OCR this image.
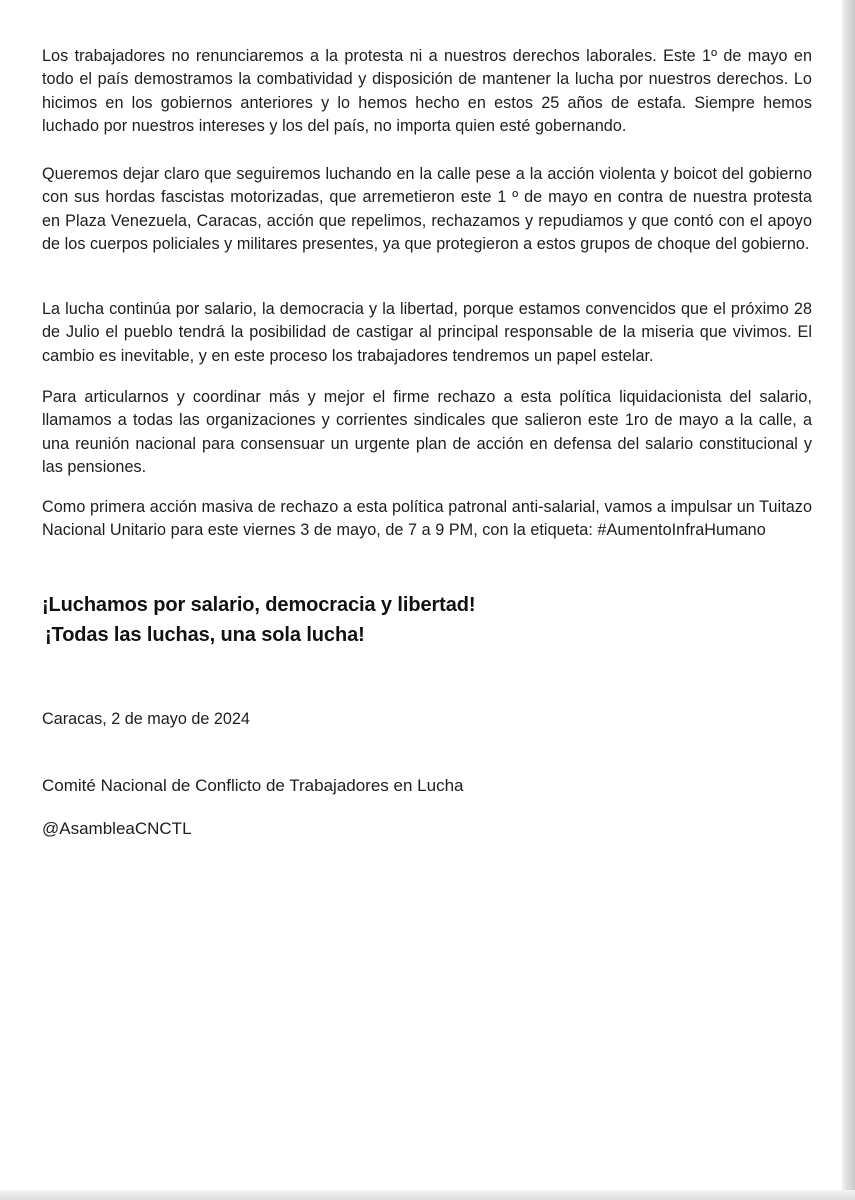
Los trabajadores no renunciaremos a la protesta ni a nuestros derechos laborales. Este 1º de mayo en todo el país demostramos la combatividad y disposición de mantener la lucha por nuestros derechos. Lo hicimos en los gobiernos anteriores y lo hemos hecho en estos 25 años de estafa. Siempre hemos luchado por nuestros intereses y los del país, no importa quien esté gobernando.

Queremos dejar claro que seguiremos luchando en la calle pese a la acción violenta y boicot del gobierno con sus hordas fascistas motorizadas, que arremetieron este 1 º de mayo en contra de nuestra protesta en Plaza Venezuela, Caracas, acción que repelimos, rechazamos y repudiamos y que contó con el apoyo de los cuerpos policiales y militares presentes, ya que protegieron a estos grupos de choque del gobierno.

La lucha continúa por salario, la democracia y la libertad, porque estamos convencidos que el próximo 28 de Julio el pueblo tendrá la posibilidad de castigar al principal responsable de la miseria que vivimos. El cambio es inevitable, y en este proceso los trabajadores tendremos un papel estelar.

Para articularnos y coordinar más y mejor el firme rechazo a esta política liquidacionista del salario, llamamos a todas las organizaciones y corrientes sindicales que salieron este 1ro de mayo a la calle, a una reunión nacional para consensuar un urgente plan de acción en defensa del salario constitucional y las pensiones.

Como primera acción masiva de rechazo a esta política patronal anti-salarial, vamos a impulsar un Tuitazo Nacional Unitario para este viernes 3 de mayo, de 7 a 9 PM, con la etiqueta: #AumentoInfraHumano

¡Luchamos por salario, democracia y libertad!
¡Todas las luchas, una sola lucha!
Caracas, 2 de mayo de 2024
Comité Nacional de Conflicto de Trabajadores en Lucha
@AsambleaCNCTL
